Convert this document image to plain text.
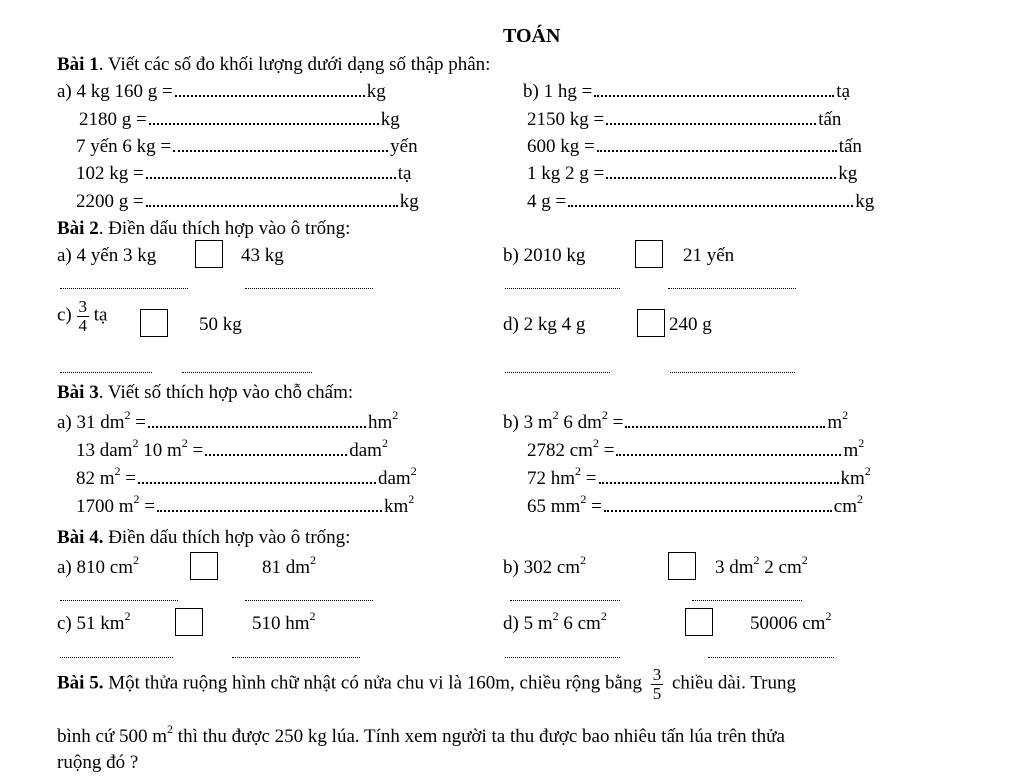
TOÁN
Bài 1. Viết các số đo khối lượng dưới dạng số thập phân:
a) 4 kg 160 g =	kg
2180 g =	kg
7 yến 6 kg =	yến
102 kg =	tạ
2200 g =	kg
b) 1 hg =	tạ
2150 kg =	tấn
600 kg =	tấn
1 kg 2 g =	kg
4 g =	kg
Bài 2. Điền dấu thích hợp vào ô trống:
a) 4 yến 3 kg	43 kg	b) 2010 kg	21 yến
$c) \frac{3}{4}$ tạ	50 kg	d) 2 kg 4 g	240 g
Bài 3. Viết số thích hợp vào chỗ chấm:
a) 31 $dm^2$ =	$hm^2$
13 dam$^2$ 10 $m^2$ =	dam$^2$
82 $m^2$ =	dam$^2$
1700 $m^2$ =	$km^2$
b) 3 $m^2$ 6 $dm^2$ =	$m^2$
2782 $cm^2$ =	$m^2$
72 $hm^2$ =	$km^2$
65 $mm^2$ =	$cm^2$
Bài 4. Điền dấu thích hợp vào ô trống:
a) 810 $cm^2$	81 $dm^2$	b) 302 $cm^2$	3 $dm^2$ 2 $cm^2$
c) 51 $km^2$	510 $hm^2$	d) 5 $m^2$ 6 $cm^2$	50006 $cm^2$
Bài 5. Một thửa ruộng hình chữ nhật có nửa chu vi là 160m, chiều rộng bằng $\frac{3}{5}$ chiều dài. Trung
bình cứ 500 $m^2$ thì thu được 250 kg lúa. Tính xem người ta thu được bao nhiêu tấn lúa trên thửa
ruộng đó ?
